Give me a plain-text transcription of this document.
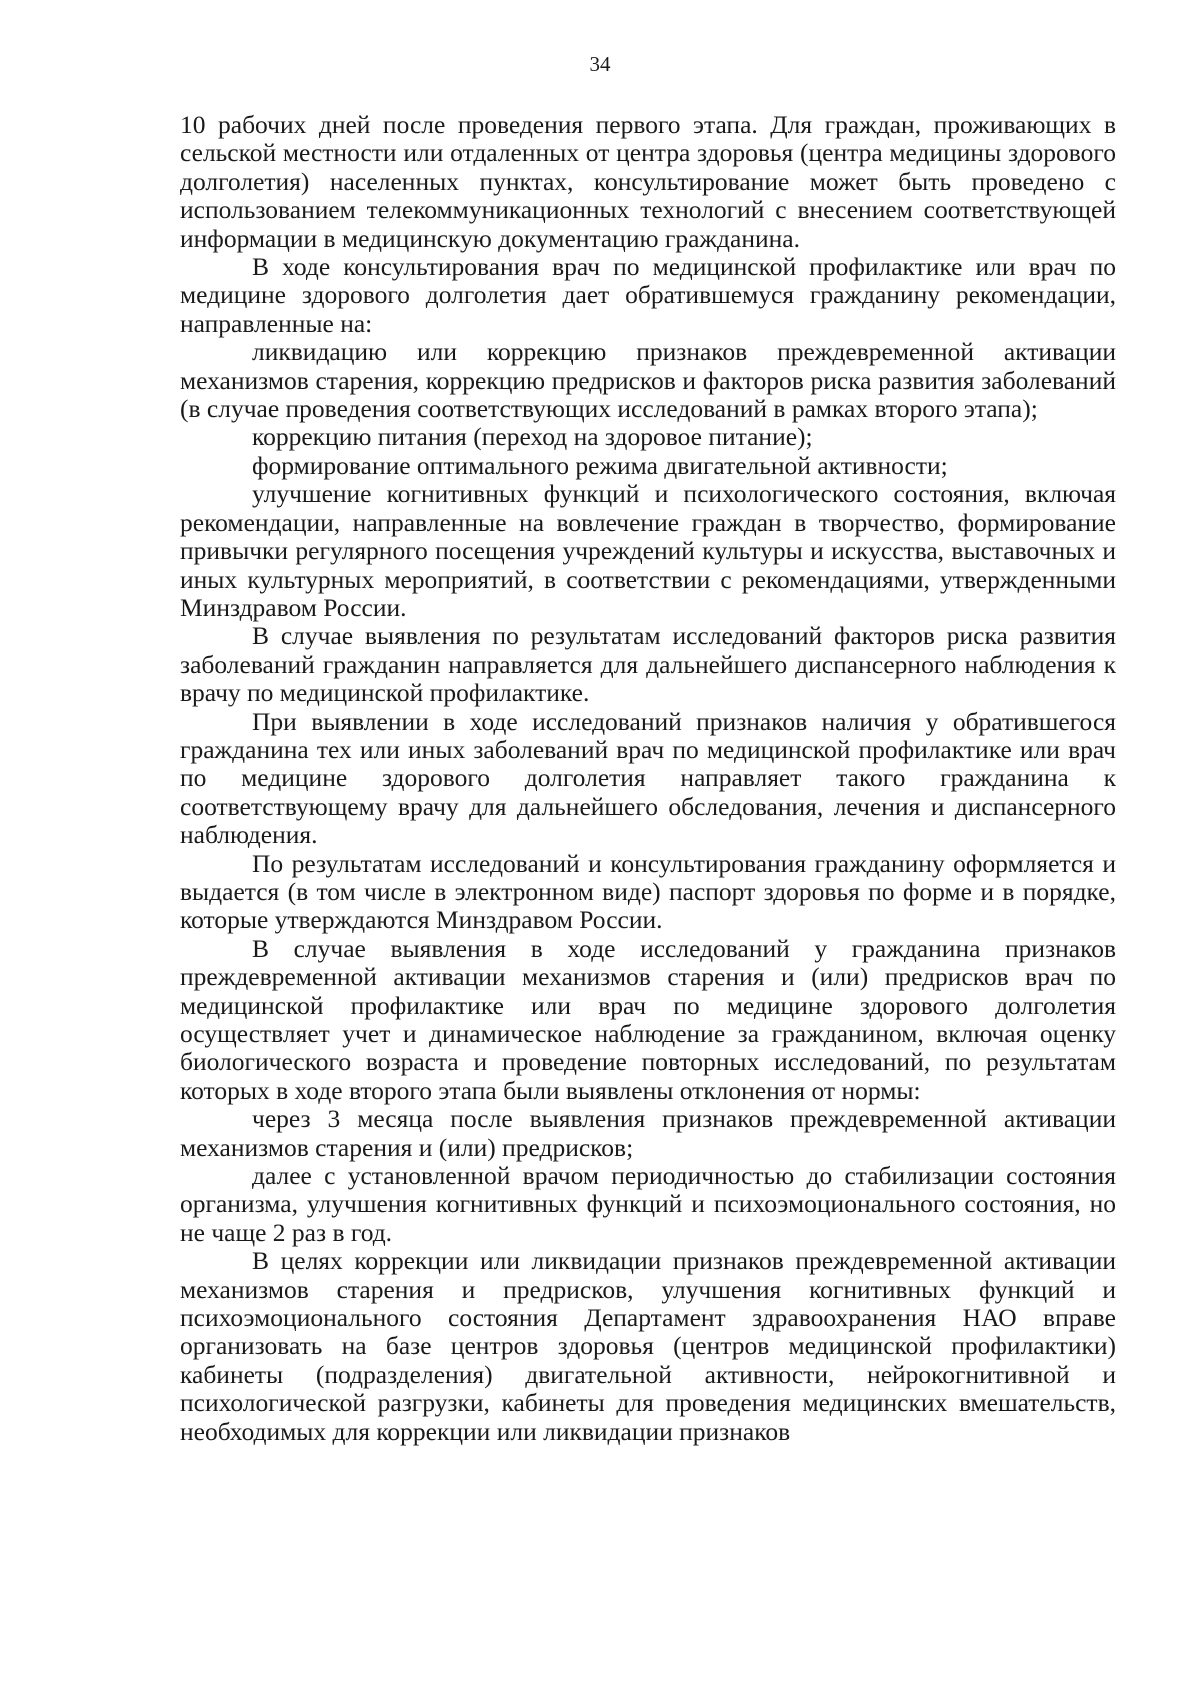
34

10 рабочих дней после проведения первого этапа. Для граждан, проживающих в сельской местности или отдаленных от центра здоровья (центра медицины здорового долголетия) населенных пунктах, консультирование может быть проведено с использованием телекоммуникационных технологий с внесением соответствующей информации в медицинскую документацию гражданина.

В ходе консультирования врач по медицинской профилактике или врач по медицине здорового долголетия дает обратившемуся гражданину рекомендации, направленные на:

ликвидацию или коррекцию признаков преждевременной активации механизмов старения, коррекцию предрисков и факторов риска развития заболеваний (в случае проведения соответствующих исследований в рамках второго этапа);

коррекцию питания (переход на здоровое питание);

формирование оптимального режима двигательной активности;

улучшение когнитивных функций и психологического состояния, включая рекомендации, направленные на вовлечение граждан в творчество, формирование привычки регулярного посещения учреждений культуры и искусства, выставочных и иных культурных мероприятий, в соответствии с рекомендациями, утвержденными Минздравом России.

В случае выявления по результатам исследований факторов риска развития заболеваний гражданин направляется для дальнейшего диспансерного наблюдения к врачу по медицинской профилактике.

При выявлении в ходе исследований признаков наличия у обратившегося гражданина тех или иных заболеваний врач по медицинской профилактике или врач по медицине здорового долголетия направляет такого гражданина к соответствующему врачу для дальнейшего обследования, лечения и диспансерного наблюдения.

По результатам исследований и консультирования гражданину оформляется и выдается (в том числе в электронном виде) паспорт здоровья по форме и в порядке, которые утверждаются Минздравом России.

В случае выявления в ходе исследований у гражданина признаков преждевременной активации механизмов старения и (или) предрисков врач по медицинской профилактике или врач по медицине здорового долголетия осуществляет учет и динамическое наблюдение за гражданином, включая оценку биологического возраста и проведение повторных исследований, по результатам которых в ходе второго этапа были выявлены отклонения от нормы:

через 3 месяца после выявления признаков преждевременной активации механизмов старения и (или) предрисков;

далее с установленной врачом периодичностью до стабилизации состояния организма, улучшения когнитивных функций и психоэмоционального состояния, но не чаще 2 раз в год.

В целях коррекции или ликвидации признаков преждевременной активации механизмов старения и предрисков, улучшения когнитивных функций и психоэмоционального состояния Департамент здравоохранения НАО вправе организовать на базе центров здоровья (центров медицинской профилактики) кабинеты (подразделения) двигательной активности, нейрокогнитивной и психологической разгрузки, кабинеты для проведения медицинских вмешательств, необходимых для коррекции или ликвидации признаков
